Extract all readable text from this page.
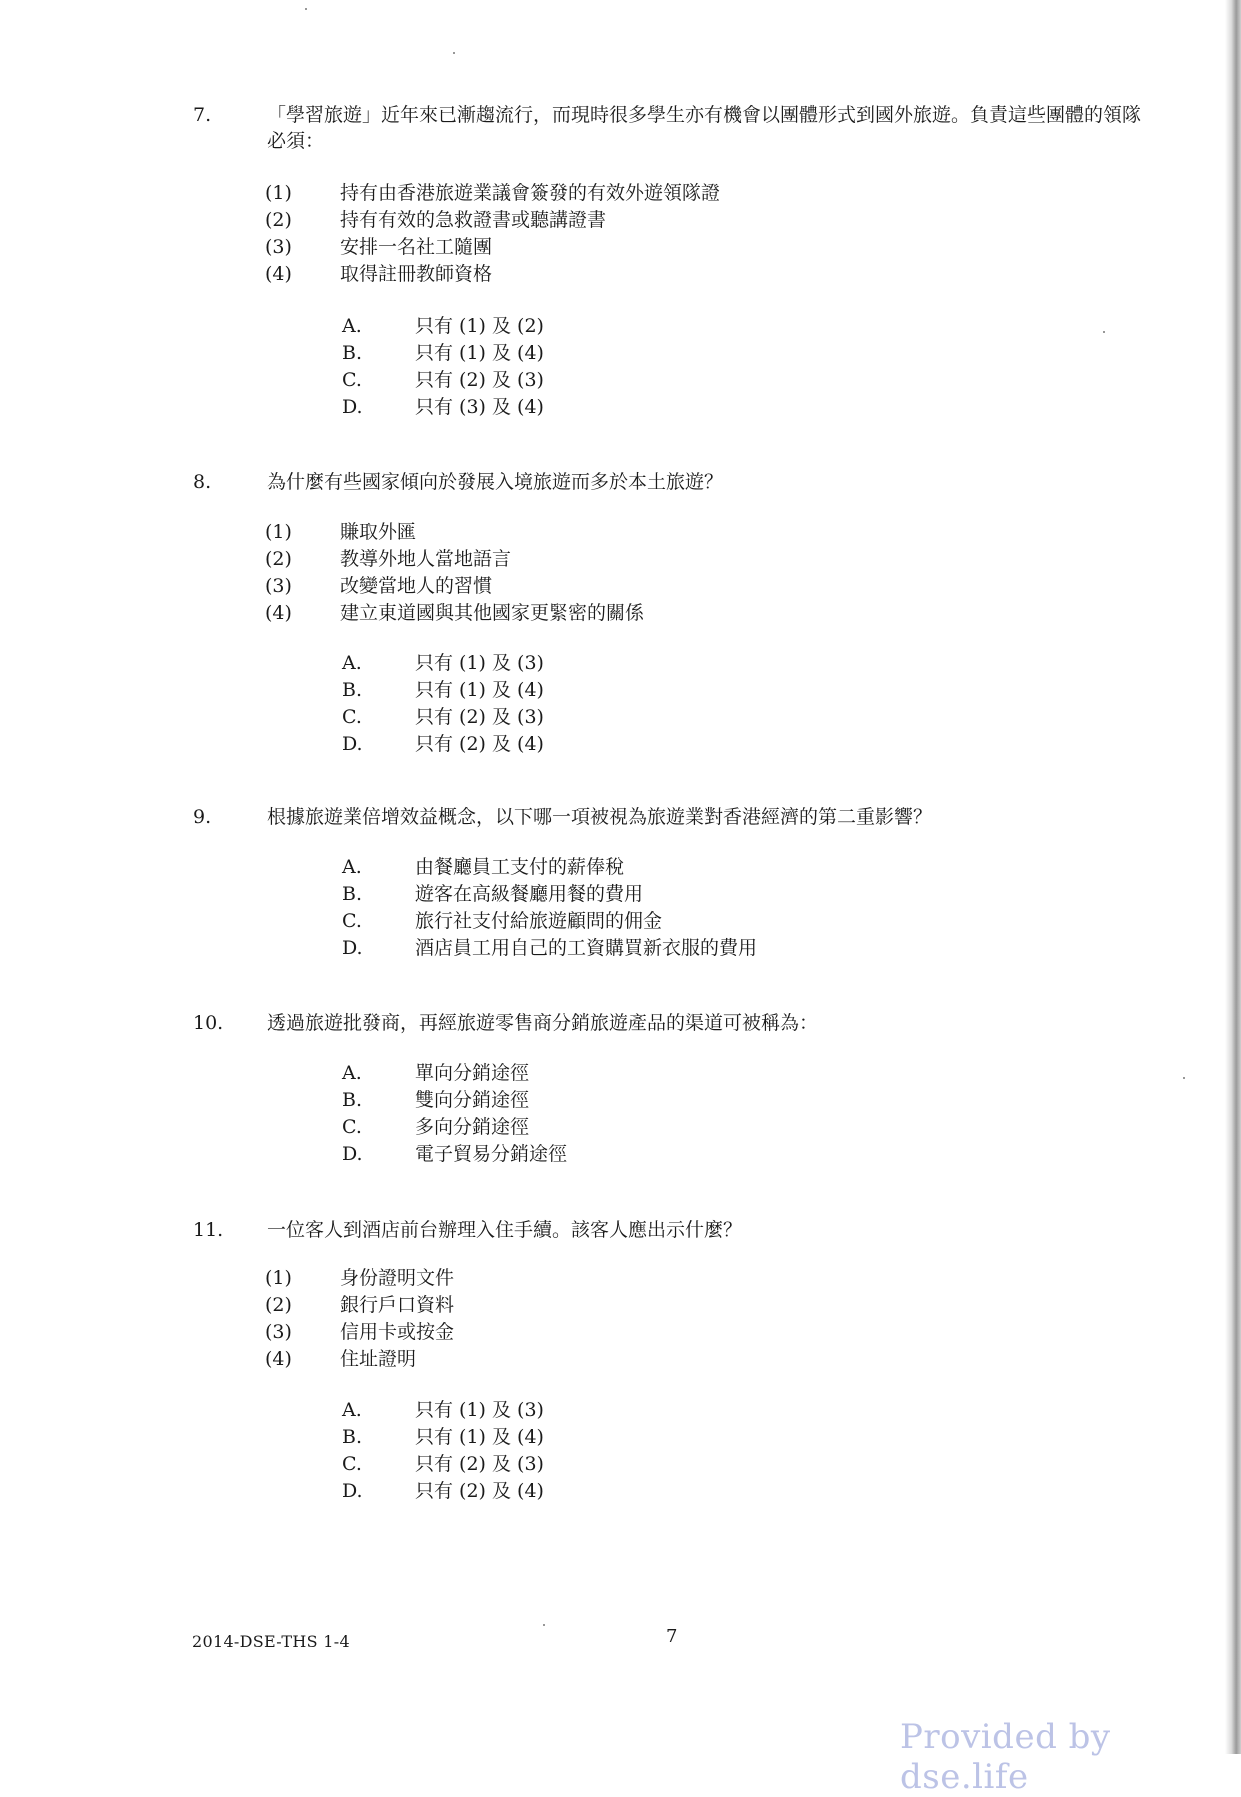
7.	「學習旅遊」近年來已漸趨流行，而現時很多學生亦有機會以團體形式到國外旅遊。負責這些團體的領隊必須：
(1)	持有由香港旅遊業議會簽發的有效外遊領隊證
(2)	持有有效的急救證書或聽講證書
(3)	安排一名社工隨團
(4)	取得註冊教師資格
A.	只有 (1) 及 (2)
B.	只有 (1) 及 (4)
C.	只有 (2) 及 (3)
D.	只有 (3) 及 (4)
8.	為什麼有些國家傾向於發展入境旅遊而多於本土旅遊？
(1)	賺取外匯
(2)	教導外地人當地語言
(3)	改變當地人的習慣
(4)	建立東道國與其他國家更緊密的關係
A.	只有 (1) 及 (3)
B.	只有 (1) 及 (4)
C.	只有 (2) 及 (3)
D.	只有 (2) 及 (4)
9.	根據旅遊業倍增效益概念，以下哪一項被視為旅遊業對香港經濟的第二重影響？
A.	由餐廳員工支付的薪俸稅
B.	遊客在高級餐廳用餐的費用
C.	旅行社支付給旅遊顧問的佣金
D.	酒店員工用自己的工資購買新衣服的費用
10. 透過旅遊批發商，再經旅遊零售商分銷旅遊產品的渠道可被稱為：
A.	單向分銷途徑
B.	雙向分銷途徑
C.	多向分銷途徑
D.	電子貿易分銷途徑
11. 一位客人到酒店前台辦理入住手續。該客人應出示什麼？
(1)	身份證明文件
(2)	銀行戶口資料
(3)	信用卡或按金
(4)	住址證明
A.	只有 (1) 及 (3)
B.	只有 (1) 及 (4)
C.	只有 (2) 及 (3)
D.	只有 (2) 及 (4)
2014-DSE-THS 1-4	7
Provided by dse.life
